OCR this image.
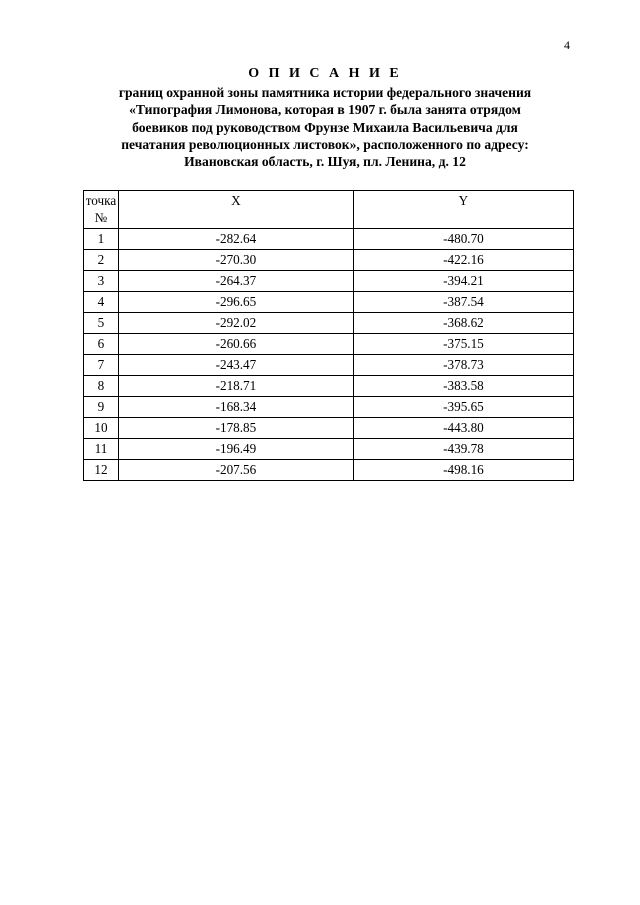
4
О П И С А Н И Е
границ охранной зоны памятника истории федерального значения
«Типография Лимонова, которая в 1907 г. была занята отрядом
боевиков под руководством Фрунзе Михаила Васильевича для
печатания революционных листовок», расположенного по адресу:
Ивановская область, г. Шуя, пл. Ленина, д. 12
точка
№	X	Y
1	-282.64	-480.70
2	-270.30	-422.16
3	-264.37	-394.21
4	-296.65	-387.54
5	-292.02	-368.62
6	-260.66	-375.15
7	-243.47	-378.73
8	-218.71	-383.58
9	-168.34	-395.65
10	-178.85	-443.80
11	-196.49	-439.78
12	-207.56	-498.16
